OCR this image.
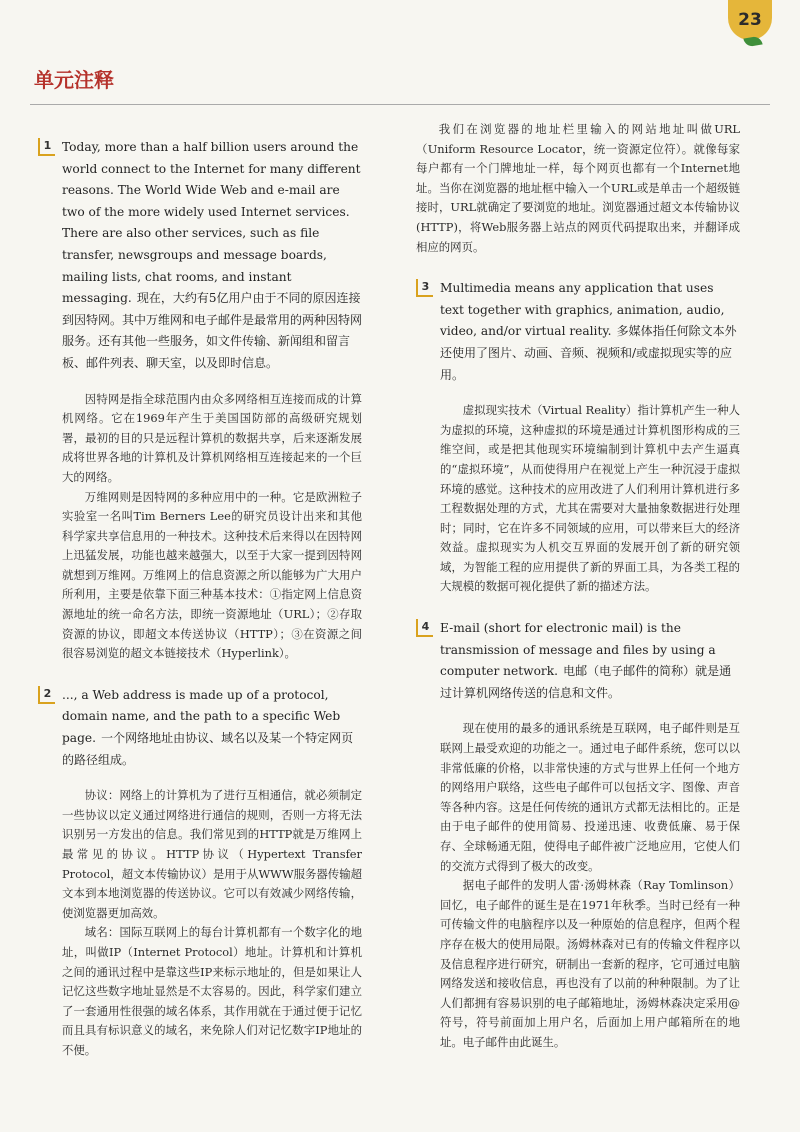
23
单元注释
1 Today, more than a half billion users around the world connect to the Internet for many different reasons. The World Wide Web and e-mail are two of the more widely used Internet services. There are also other services, such as file transfer, newsgroups and message boards, mailing lists, chat rooms, and instant messaging. 现在，大约有5亿用户由于不同的原因连接到因特网。其中万维网和电子邮件是最常用的两种因特网服务。还有其他一些服务，如文件传输、新闻组和留言板、邮件列表、聊天室，以及即时信息。

因特网是指全球范围内由众多网络相互连接而成的计算机网络。它在1969年产生于美国国防部的高级研究规划署，最初的目的只是远程计算机的数据共享，后来逐渐发展成将世界各地的计算机及计算机网络相互连接起来的一个巨大的网络。

万维网则是因特网的多种应用中的一种。它是欧洲粒子实验室一名叫Tim Berners Lee的研究员设计出来和其他科学家共享信息用的一种技术。这种技术后来得以在因特网上迅猛发展，功能也越来越强大，以至于大家一提到因特网就想到万维网。万维网上的信息资源之所以能够为广大用户所利用，主要是依靠下面三种基本技术：①指定网上信息资源地址的统一命名方法，即统一资源地址（URL）；②存取资源的协议，即超文本传送协议（HTTP）；③在资源之间很容易浏览的超文本链接技术（Hyperlink）。

2 ..., a Web address is made up of a protocol, domain name, and the path to a specific Web page. 一个网络地址由协议、域名以及某一个特定网页的路径组成。

协议：网络上的计算机为了进行互相通信，就必须制定一些协议以定义通过网络进行通信的规则，否则一方将无法识别另一方发出的信息。我们常见到的HTTP就是万维网上最常见的协议。HTTP协议（Hypertext Transfer Protocol，超文本传输协议）是用于从WWW服务器传输超文本到本地浏览器的传送协议。它可以有效减少网络传输，使浏览器更加高效。

域名：国际互联网上的每台计算机都有一个数字化的地址，叫做IP（Internet Protocol）地址。计算机和计算机之间的通讯过程中是靠这些IP来标示地址的，但是如果让人记忆这些数字地址显然是不太容易的。因此，科学家们建立了一套通用性很强的域名体系，其作用就在于通过便于记忆而且具有标识意义的域名，来免除人们对记忆数字IP地址的不便。

我们在浏览器的地址栏里输入的网站地址叫做URL（Uniform Resource Locator，统一资源定位符）。就像每家每户都有一个门牌地址一样，每个网页也都有一个Internet地址。当你在浏览器的地址框中输入一个URL或是单击一个超级链接时，URL就确定了要浏览的地址。浏览器通过超文本传输协议(HTTP)，将Web服务器上站点的网页代码提取出来，并翻译成相应的网页。

3 Multimedia means any application that uses text together with graphics, animation, audio, video, and/or virtual reality. 多媒体指任何除文本外还使用了图片、动画、音频、视频和/或虚拟现实等的应用。

虚拟现实技术（Virtual Reality）指计算机产生一种人为虚拟的环境，这种虚拟的环境是通过计算机图形构成的三维空间，或是把其他现实环境编制到计算机中去产生逼真的“虚拟环境”，从而使得用户在视觉上产生一种沉浸于虚拟环境的感觉。这种技术的应用改进了人们利用计算机进行多工程数据处理的方式，尤其在需要对大量抽象数据进行处理时；同时，它在许多不同领域的应用，可以带来巨大的经济效益。虚拟现实为人机交互界面的发展开创了新的研究领域，为智能工程的应用提供了新的界面工具，为各类工程的大规模的数据可视化提供了新的描述方法。

4 E-mail (short for electronic mail) is the transmission of message and files by using a computer network. 电邮（电子邮件的简称）就是通过计算机网络传送的信息和文件。

现在使用的最多的通讯系统是互联网，电子邮件则是互联网上最受欢迎的功能之一。通过电子邮件系统，您可以以非常低廉的价格，以非常快速的方式与世界上任何一个地方的网络用户联络，这些电子邮件可以包括文字、图像、声音等各种内容。这是任何传统的通讯方式都无法相比的。正是由于电子邮件的使用简易、投递迅速、收费低廉、易于保存、全球畅通无阻，使得电子邮件被广泛地应用，它使人们的交流方式得到了极大的改变。

据电子邮件的发明人雷·汤姆林森（Ray Tomlinson）回忆，电子邮件的诞生是在1971年秋季。当时已经有一种可传输文件的电脑程序以及一种原始的信息程序，但两个程序存在极大的使用局限。汤姆林森对已有的传输文件程序以及信息程序进行研究，研制出一套新的程序，它可通过电脑网络发送和接收信息，再也没有了以前的种种限制。为了让人们都拥有容易识别的电子邮箱地址，汤姆林森决定采用@符号，符号前面加上用户名，后面加上用户邮箱所在的地址。电子邮件由此诞生。
